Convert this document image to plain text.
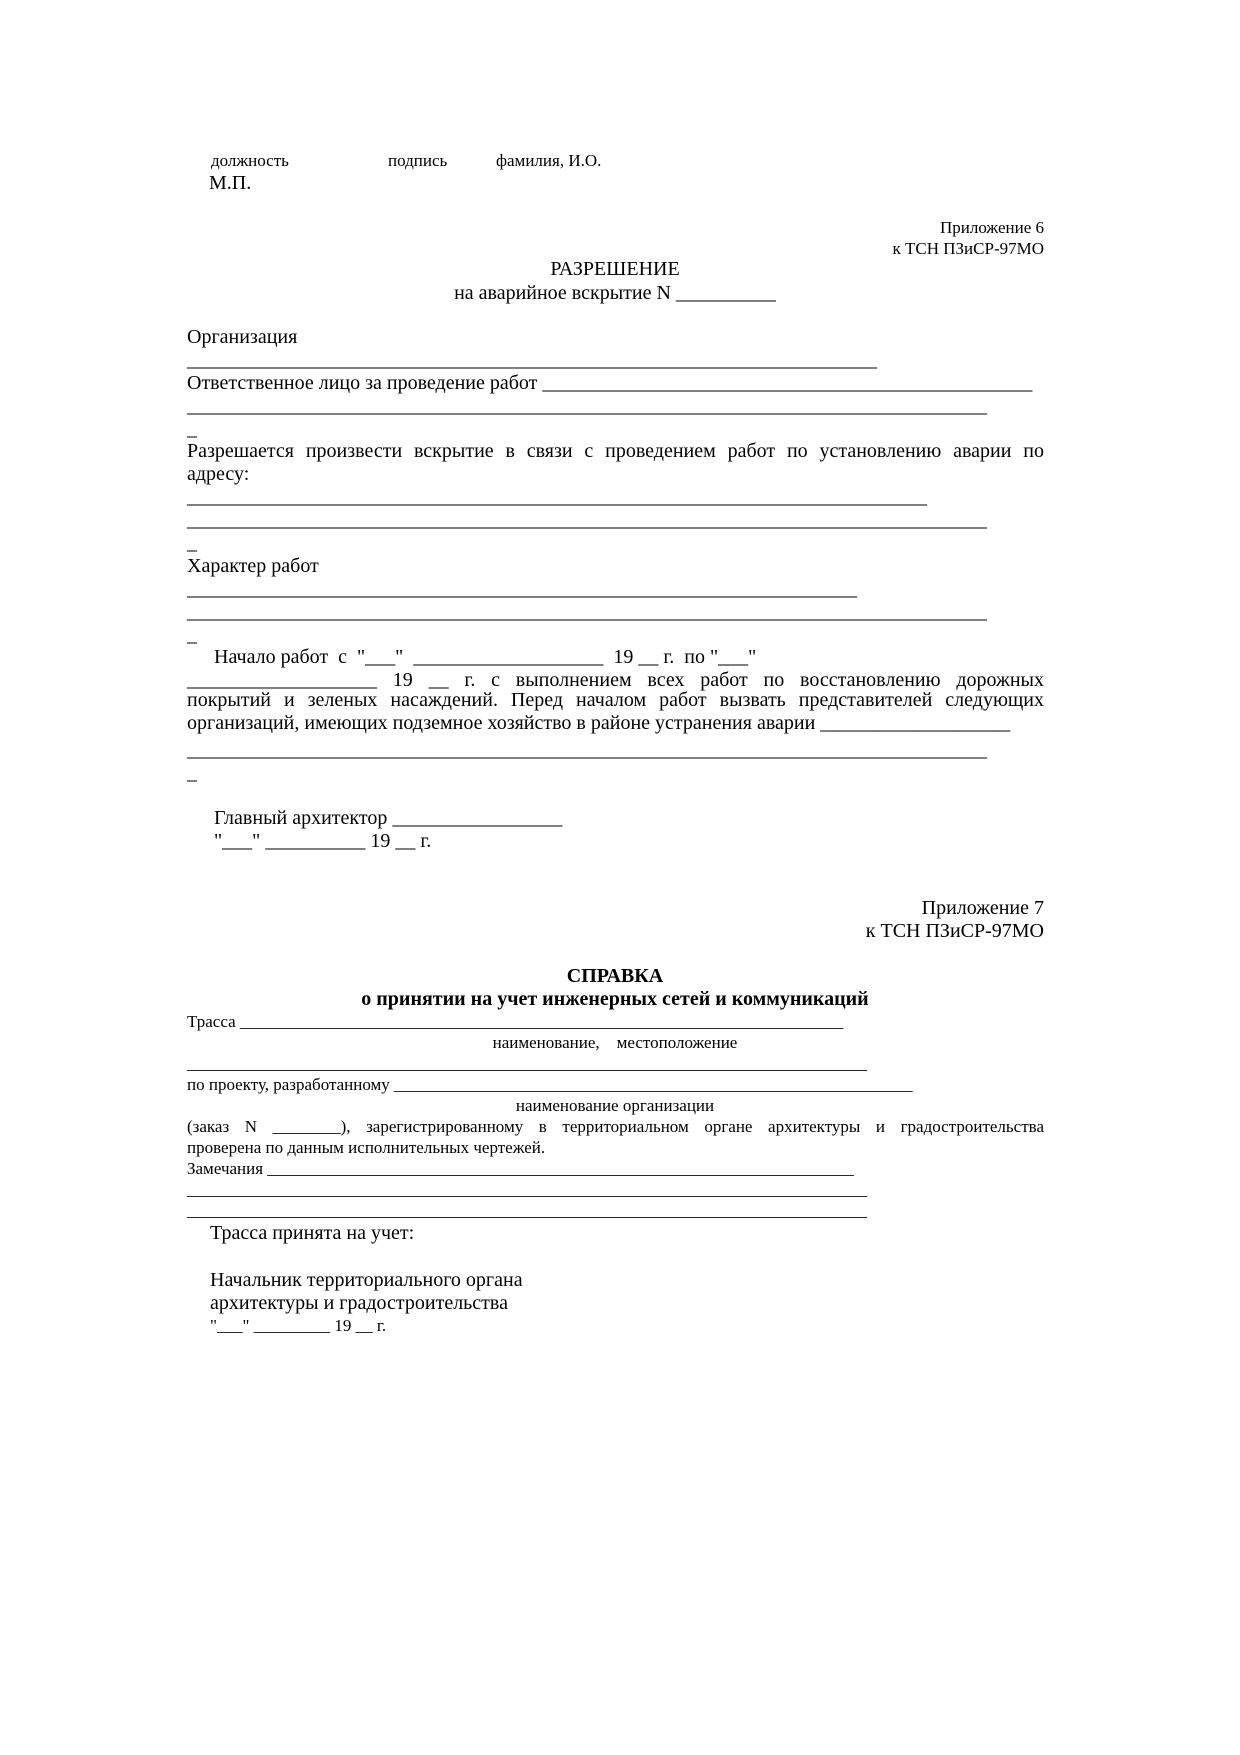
должность	подпись	фамилия, И.О.
М.П.
Приложение 6
к ТСН ПЗиСР-97МО
РАЗРЕШЕНИЕ
на аварийное вскрытие N __________
Организация
_____________________________________________________________________
Ответственное лицо за проведение работ _________________________________________________
________________________________________________________________________________
_
Разрешается произвести вскрытие в связи с проведением работ по установлению аварии по
адресу:
__________________________________________________________________________
________________________________________________________________________________
_
Характер работ
___________________________________________________________________
________________________________________________________________________________
_
Начало работ  с  "___"  ___________________  19 __ г.  по "___"
___________________ 19 __ г. с выполнением всех работ по восстановлению дорожных
покрытий и зеленых насаждений. Перед началом работ вызвать представителей следующих организаций, имеющих подземное хозяйство в районе устранения аварии ___________________
________________________________________________________________________________
_
Главный архитектор _________________
"___" __________ 19 __ г.
Приложение 7
к ТСН ПЗиСР-97МО
СПРАВКА
о принятии на учет инженерных сетей и коммуникаций
Трасса _______________________________________________________________________
наименование,    местоположение
________________________________________________________________________________
по проекту, разработанному _____________________________________________________________
наименование организации
(заказ N ________), зарегистрированному в территориальном органе архитектуры и градостроительства
проверена по данным исполнительных чертежей.
Замечания _____________________________________________________________________
________________________________________________________________________________
________________________________________________________________________________
Трасса принята на учет:
Начальник территориального органа
архитектуры и градостроительства
"___" _________ 19 __ г.
